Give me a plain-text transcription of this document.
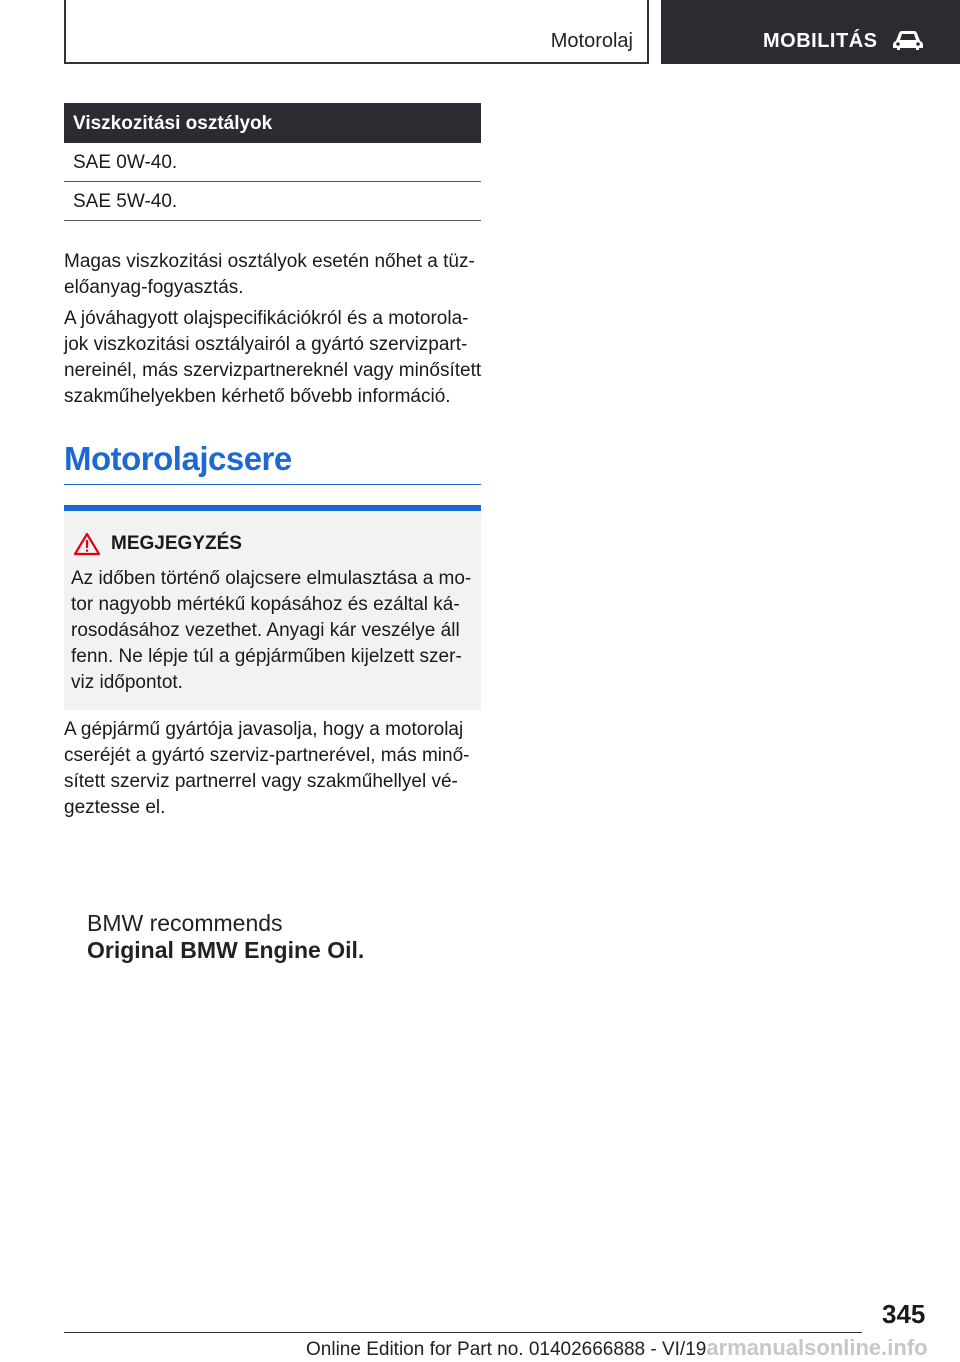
Motorolaj	MOBILITÁS
Viszkozitási osztályok
SAE 0W-40.
SAE 5W-40.

Magas viszkozitási osztályok esetén nőhet a tüzelőanyag-fogyasztás.

A jóváhagyott olajspecifikációkról és a motorolajok viszkozitási osztályairól a gyártó szervizpartnereinél, más szervizpartnereknél vagy minősített szakműhelyekben kérhető bővebb információ.

Motorolajcsere
MEGJEGYZÉS

Az időben történő olajcsere elmulasztása a motor nagyobb mértékű kopásához és ezáltal károsodásához vezethet. Anyagi kár veszélye áll fenn. Ne lépje túl a gépjárműben kijelzett szerviz időpontot.

A gépjármű gyártója javasolja, hogy a motorolaj cseréjét a gyártó szerviz-partnerével, más minősített szerviz partnerrel vagy szakműhellyel végeztesse el.

BMW recommends
Original BMW Engine Oil.
345
Online Edition for Part no. 01402666888 - VI/19armanualsonline.info
